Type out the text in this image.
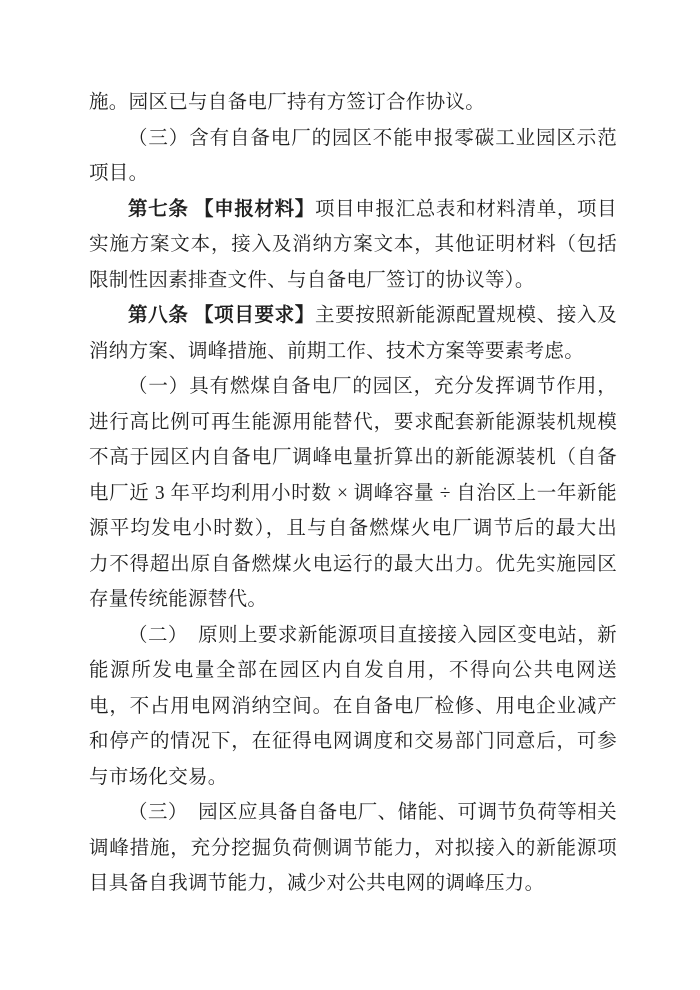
施。园区已与自备电厂持有方签订合作协议。
（三）含有自备电厂的园区不能申报零碳工业园区示范
项目。
第七条 【申报材料】项目申报汇总表和材料清单，项目
实施方案文本，接入及消纳方案文本，其他证明材料（包括
限制性因素排查文件、与自备电厂签订的协议等）。
第八条 【项目要求】主要按照新能源配置规模、接入及
消纳方案、调峰措施、前期工作、技术方案等要素考虑。
（一）具有燃煤自备电厂的园区，充分发挥调节作用，
进行高比例可再生能源用能替代，要求配套新能源装机规模
不高于园区内自备电厂调峰电量折算出的新能源装机（自备
电厂近 3 年平均利用小时数 × 调峰容量 ÷ 自治区上一年新能
源平均发电小时数），且与自备燃煤火电厂调节后的最大出
力不得超出原自备燃煤火电运行的最大出力。优先实施园区
存量传统能源替代。
（二）　原则上要求新能源项目直接接入园区变电站，新
能源所发电量全部在园区内自发自用，不得向公共电网送
电，不占用电网消纳空间。在自备电厂检修、用电企业减产
和停产的情况下，在征得电网调度和交易部门同意后，可参
与市场化交易。
（三）　园区应具备自备电厂、储能、可调节负荷等相关
调峰措施，充分挖掘负荷侧调节能力，对拟接入的新能源项
目具备自我调节能力，减少对公共电网的调峰压力。
